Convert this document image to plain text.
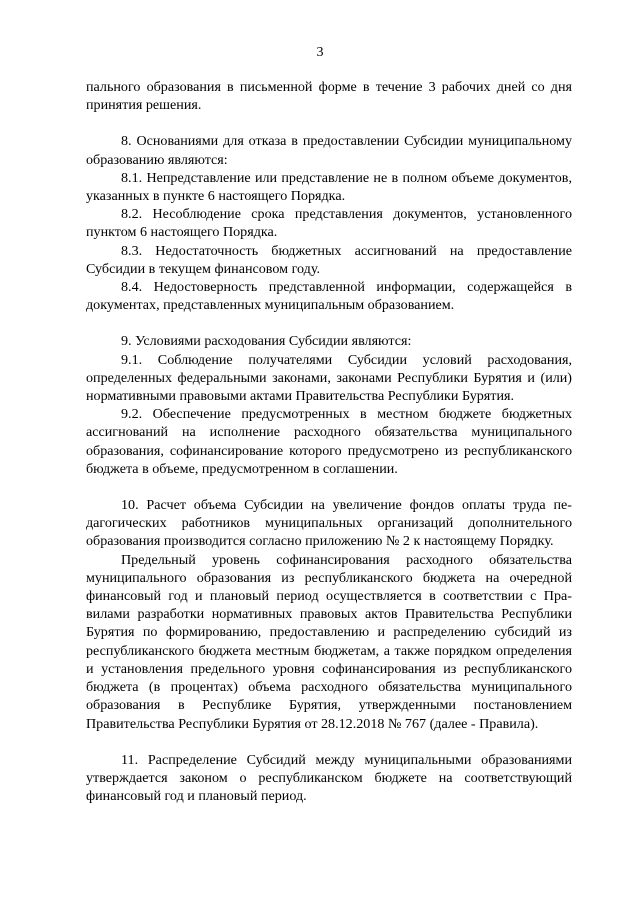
3

пального образования в письменной форме в течение 3 рабочих дней со дня принятия решения.

8. Основаниями для отказа в предоставлении Субсидии муниципальному образованию являются:

8.1. Непредставление или представление не в полном объеме документов, указанных в пункте 6 настоящего Порядка.

8.2. Несоблюдение срока представления документов, установленного пунктом 6 настоящего Порядка.

8.3. Недостаточность бюджетных ассигнований на предоставление Субсидии в текущем финансовом году.

8.4. Недостоверность представленной информации, содержащейся в документах, представленных муниципальным образованием.

9. Условиями расходования Субсидии являются:

9.1. Соблюдение получателями Субсидии условий расходования, определенных федеральными законами, законами Республики Бурятия и (или) нормативными правовыми актами Правительства Республики Бурятия.

9.2. Обеспечение предусмотренных в местном бюджете бюджетных ассигнований на исполнение расходного обязательства муниципального образования, софинансирование которого предусмотрено из республиканского бюджета в объеме, предусмотренном в соглашении.

10. Расчет объема Субсидии на увеличение фондов оплаты труда педагогических работников муниципальных организаций дополнительного образования производится согласно приложению № 2 к настоящему Порядку.

Предельный уровень софинансирования расходного обязательства муниципального образования из республиканского бюджета на очередной финансовый год и плановый период осуществляется в соответствии с Правилами разработки нормативных правовых актов Правительства Республики Бурятия по формированию, предоставлению и распределению субсидий из республиканского бюджета местным бюджетам, а также порядком определения и установления предельного уровня софинансирования из республиканского бюджета (в процентах) объема расходного обязательства муниципального образования в Республике Бурятия, утвержденными постановлением Правительства Республики Бурятия от 28.12.2018 № 767 (далее - Правила).

11. Распределение Субсидий между муниципальными образованиями утверждается законом о республиканском бюджете на соответствующий финансовый год и плановый период.
